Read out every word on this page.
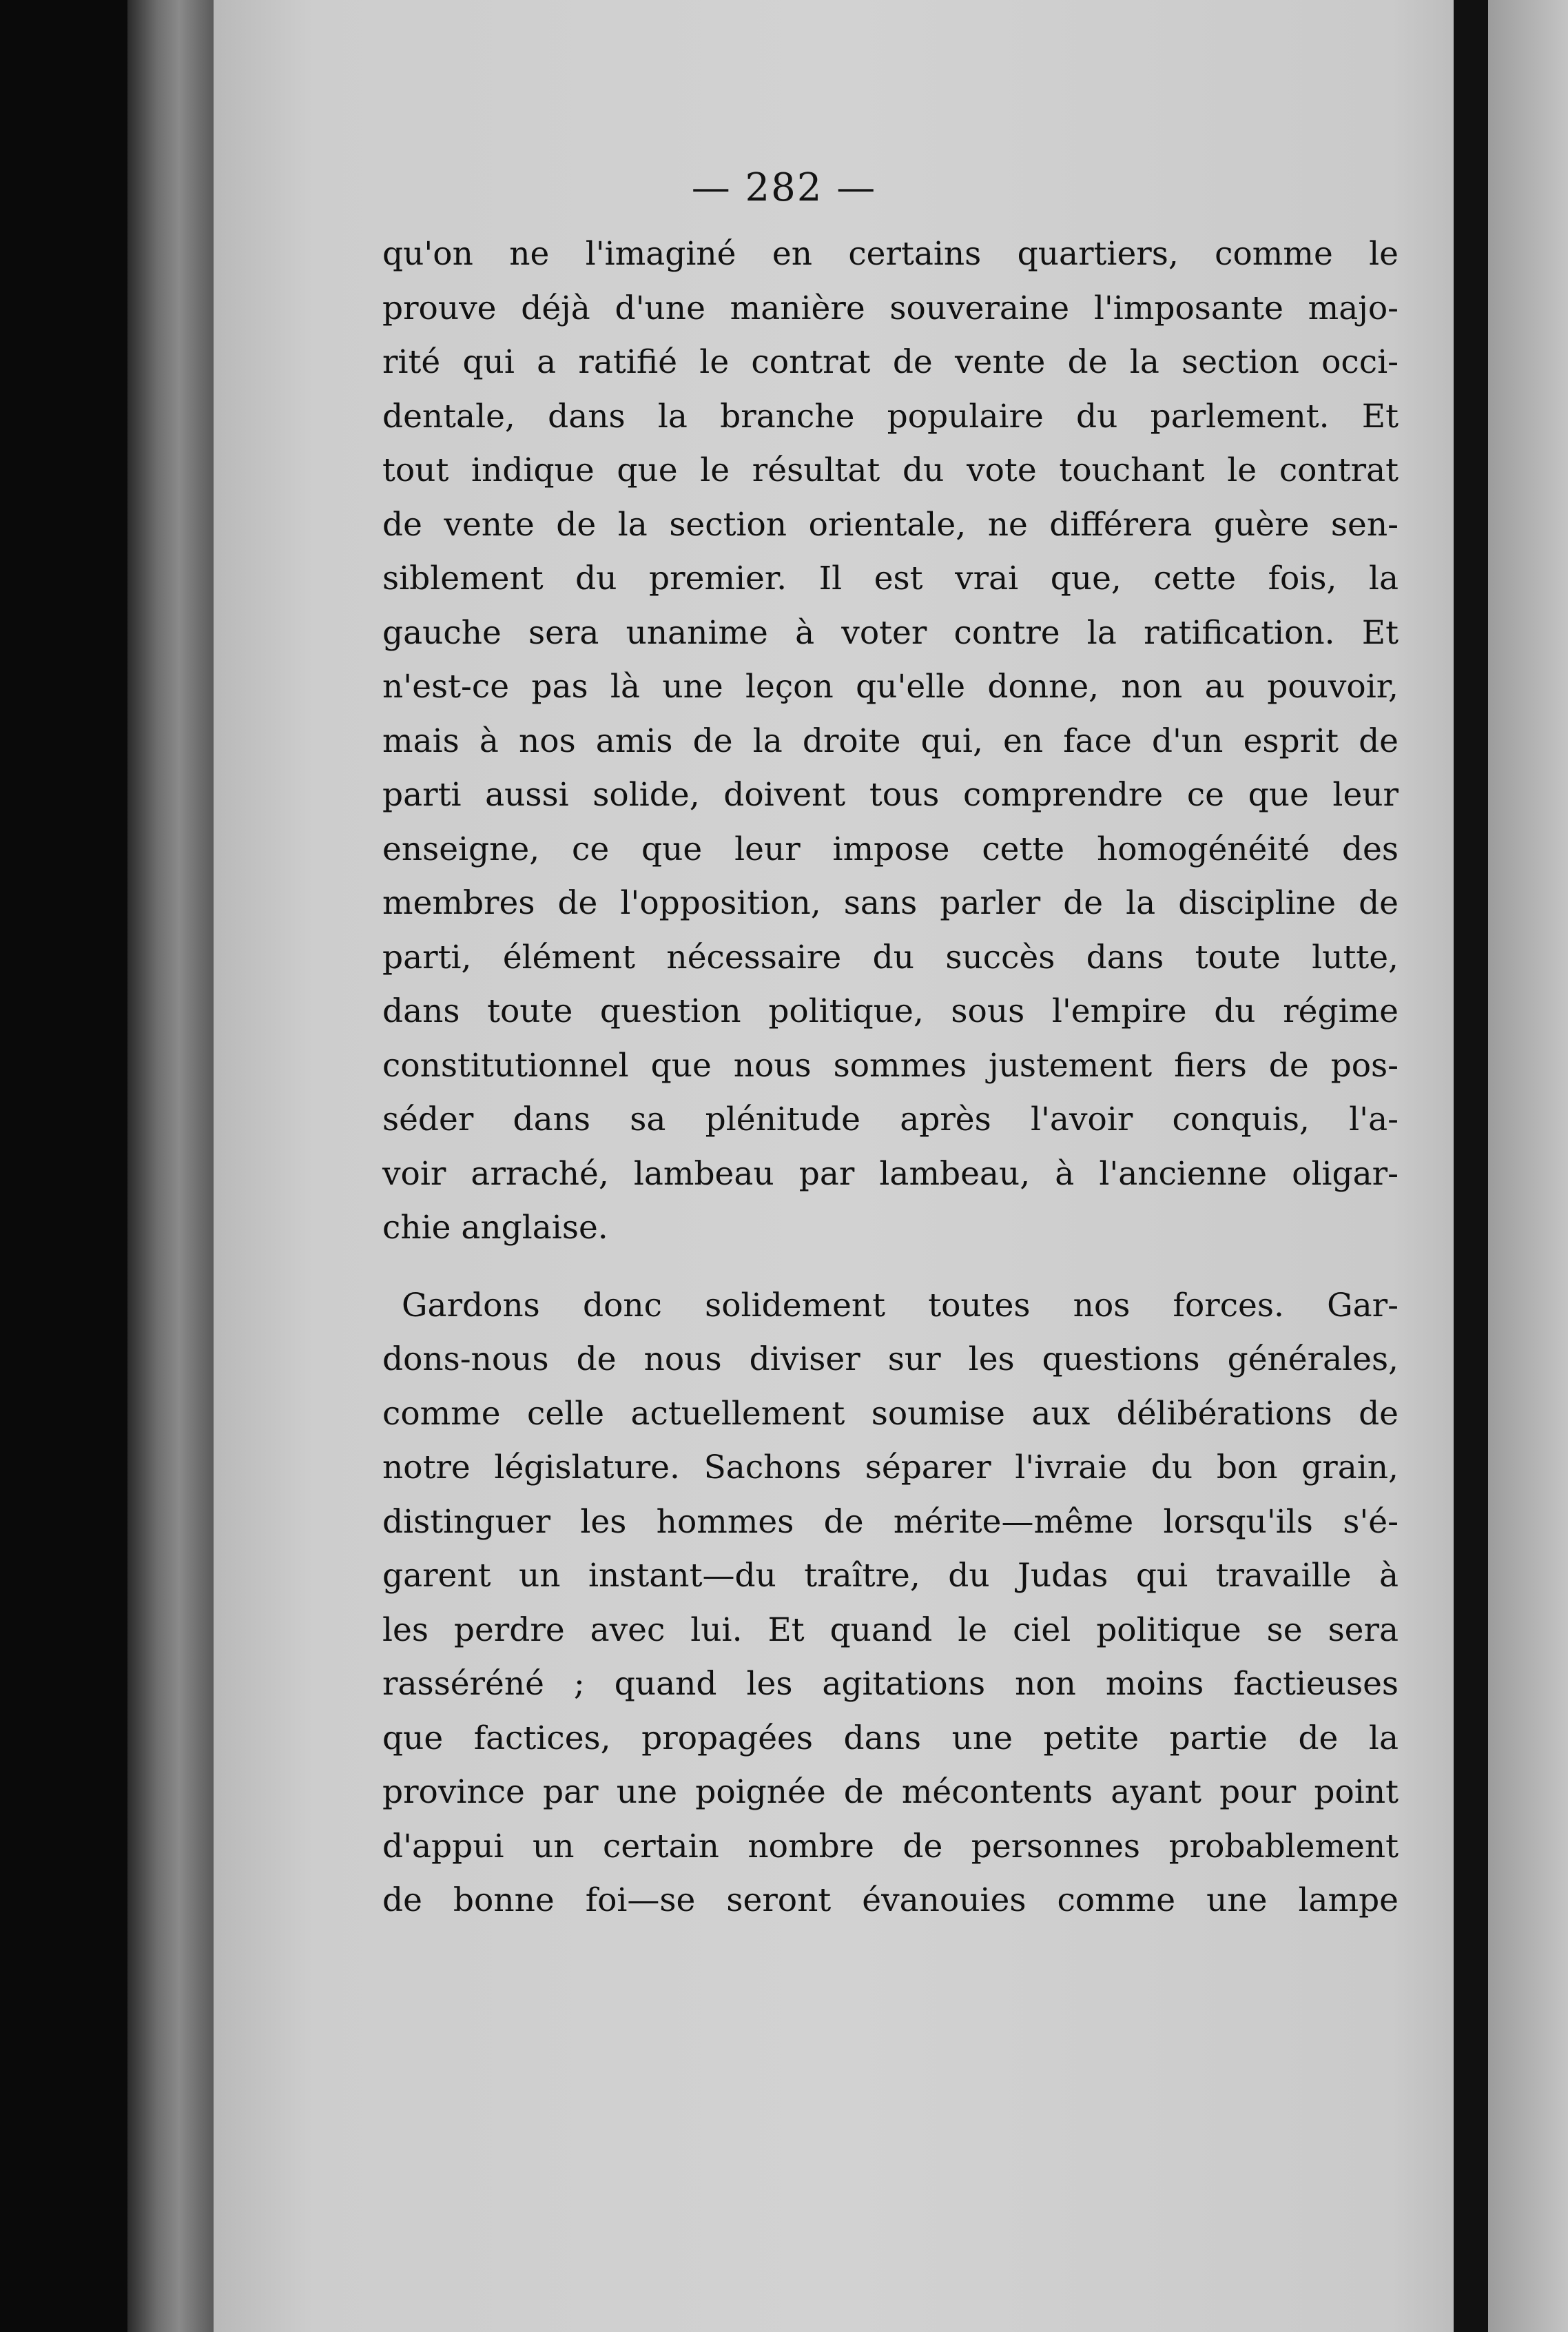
— 282 —
qu'on ne l'imaginé en certains quartiers, comme le
prouve déjà d'une manière souveraine l'imposante majo-
rité qui a ratifié le contrat de vente de la section occi-
dentale, dans la branche populaire du parlement. Et
tout indique que le résultat du vote touchant le contrat
de vente de la section orientale, ne différera guère sen-
siblement du premier. Il est vrai que, cette fois, la
gauche sera unanime à voter contre la ratification. Et
n'est-ce pas là une leçon qu'elle donne, non au pouvoir,
mais à nos amis de la droite qui, en face d'un esprit de
parti aussi solide, doivent tous comprendre ce que leur
enseigne, ce que leur impose cette homogénéité des
membres de l'opposition, sans parler de la discipline de
parti, élément nécessaire du succès dans toute lutte,
dans toute question politique, sous l'empire du régime
constitutionnel que nous sommes justement fiers de pos-
séder dans sa plénitude après l'avoir conquis, l'a-
voir arraché, lambeau par lambeau, à l'ancienne oligar-
chie anglaise.
Gardons donc solidement toutes nos forces. Gar-
dons-nous de nous diviser sur les questions générales,
comme celle actuellement soumise aux délibérations de
notre législature. Sachons séparer l'ivraie du bon grain,
distinguer les hommes de mérite—même lorsqu'ils s'é-
garent un instant—du traître, du Judas qui travaille à
les perdre avec lui. Et quand le ciel politique se sera
rasséréné ; quand les agitations non moins factieuses
que factices, propagées dans une petite partie de la
province par une poignée de mécontents ayant pour point
d'appui un certain nombre de personnes probablement
de bonne foi—se seront évanouies comme une lampe
